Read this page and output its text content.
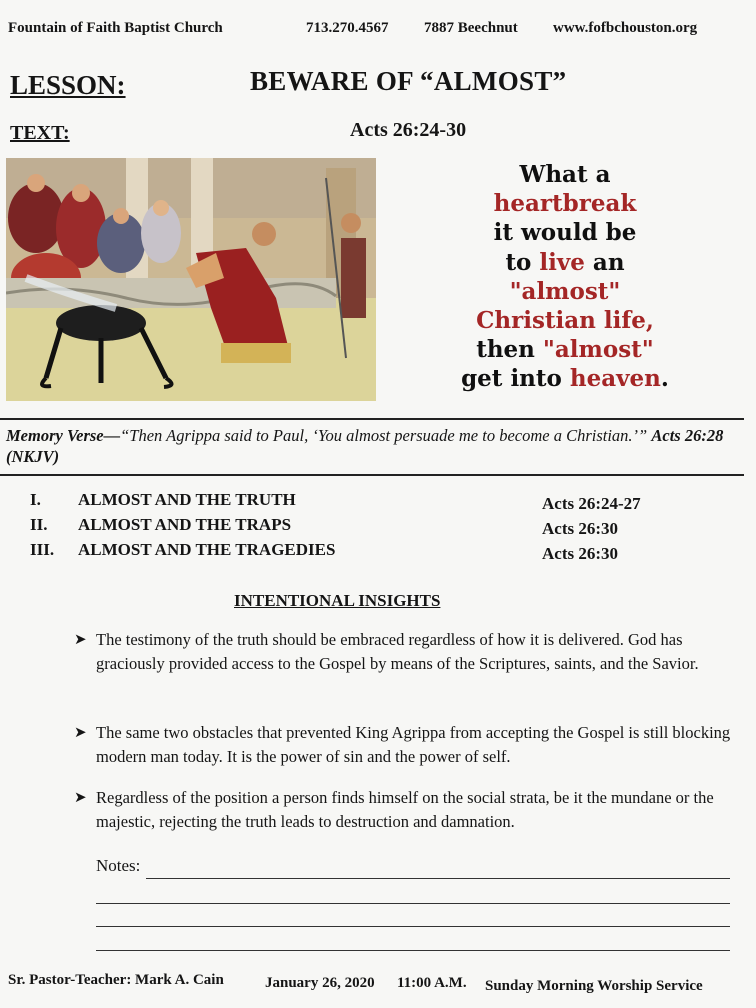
Fountain of Faith Baptist Church	713.270.4567 7887 Beechnut www.fofbchouston.org
LESSON:	BEWARE OF “ALMOST”
TEXT:	Acts 26:24-30
What a
heartbreak
it would be
to live an
"almost"
Christian life,
then "almost"
get into heaven.
Memory Verse—“Then Agrippa said to Paul, ‘You almost persuade me to become a Christian.’” Acts 26:28 (NKJV)
I. ALMOST AND THE TRUTH	Acts 26:24-27
II. ALMOST AND THE TRAPS	Acts 26:30
III. ALMOST AND THE TRAGEDIES	Acts 26:30
INTENTIONAL INSIGHTS
➤ The testimony of the truth should be embraced regardless of how it is delivered. God has graciously provided access to the Gospel by means of the Scriptures, saints, and the Savior.
➤ The same two obstacles that prevented King Agrippa from accepting the Gospel is still blocking modern man today. It is the power of sin and the power of self.
➤ Regardless of the position a person finds himself on the social strata, be it the mundane or the majestic, rejecting the truth leads to destruction and damnation.
Notes:
Sr. Pastor-Teacher: Mark A. Cain	January 26, 2020 11:00 A.M. Sunday Morning Worship Service
